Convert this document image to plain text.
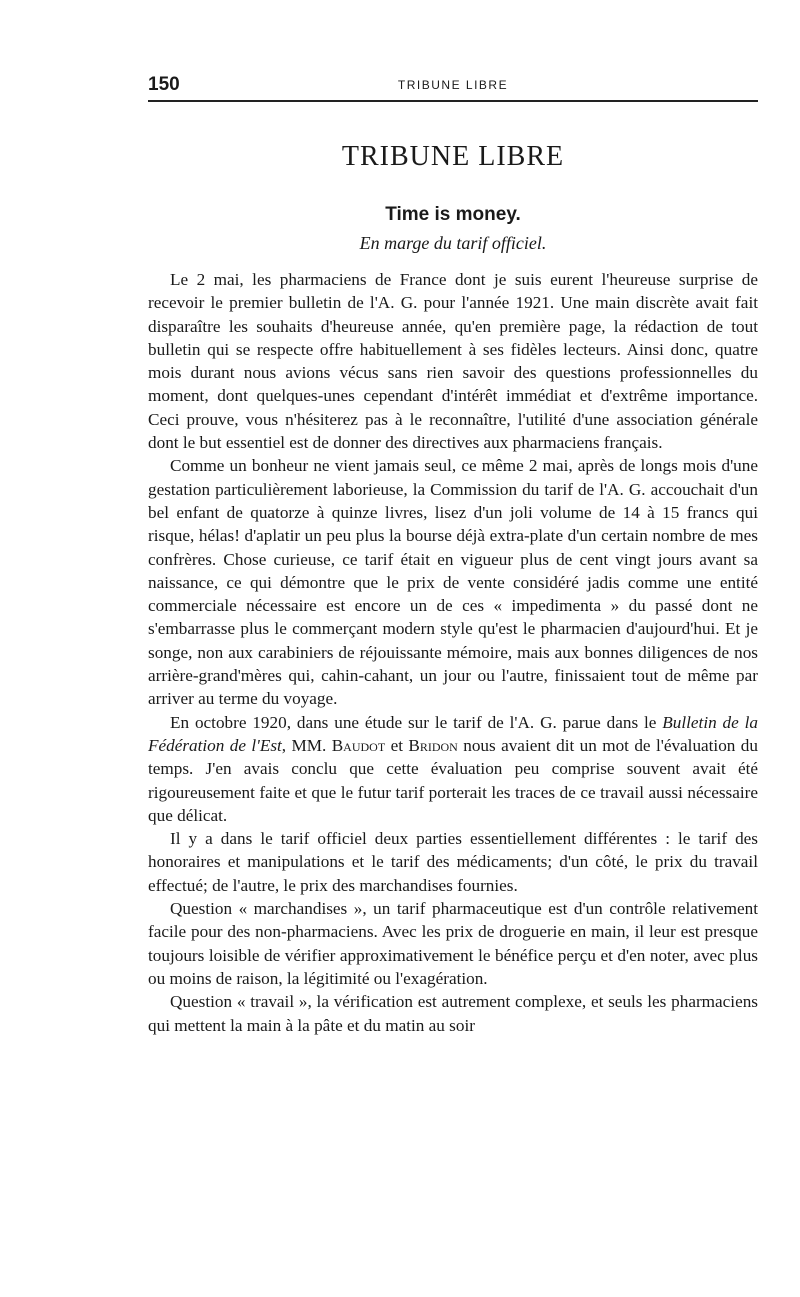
150	TRIBUNE LIBRE
TRIBUNE LIBRE
Time is money.
En marge du tarif officiel.

Le 2 mai, les pharmaciens de France dont je suis eurent l'heureuse surprise de recevoir le premier bulletin de l'A. G. pour l'année 1921. Une main discrète avait fait disparaître les souhaits d'heureuse année, qu'en première page, la rédaction de tout bulletin qui se respecte offre habituellement à ses fidèles lecteurs. Ainsi donc, quatre mois durant nous avions vécus sans rien savoir des questions professionnelles du moment, dont quelques-unes cependant d'intérêt immédiat et d'extrême importance. Ceci prouve, vous n'hésiterez pas à le reconnaître, l'utilité d'une association générale dont le but essentiel est de donner des directives aux pharmaciens français.

Comme un bonheur ne vient jamais seul, ce même 2 mai, après de longs mois d'une gestation particulièrement laborieuse, la Commission du tarif de l'A. G. accouchait d'un bel enfant de quatorze à quinze livres, lisez d'un joli volume de 14 à 15 francs qui risque, hélas! d'aplatir un peu plus la bourse déjà extra-plate d'un certain nombre de mes confrères. Chose curieuse, ce tarif était en vigueur plus de cent vingt jours avant sa naissance, ce qui démontre que le prix de vente considéré jadis comme une entité commerciale nécessaire est encore un de ces « impedimenta » du passé dont ne s'embarrasse plus le commerçant modern style qu'est le pharmacien d'aujourd'hui. Et je songe, non aux carabiniers de réjouissante mémoire, mais aux bonnes diligences de nos arrière-grand'mères qui, cahin-cahant, un jour ou l'autre, finissaient tout de même par arriver au terme du voyage.

En octobre 1920, dans une étude sur le tarif de l'A. G. parue dans le Bulletin de la Fédération de l'Est, MM. Baudot et Bridon nous avaient dit un mot de l'évaluation du temps. J'en avais conclu que cette évaluation peu comprise souvent avait été rigoureusement faite et que le futur tarif porterait les traces de ce travail aussi nécessaire que délicat.

Il y a dans le tarif officiel deux parties essentiellement différentes : le tarif des honoraires et manipulations et le tarif des médicaments; d'un côté, le prix du travail effectué; de l'autre, le prix des marchandises fournies.

Question « marchandises », un tarif pharmaceutique est d'un contrôle relativement facile pour des non-pharmaciens. Avec les prix de droguerie en main, il leur est presque toujours loisible de vérifier approximativement le bénéfice perçu et d'en noter, avec plus ou moins de raison, la légitimité ou l'exagération.

Question « travail », la vérification est autrement complexe, et seuls les pharmaciens qui mettent la main à la pâte et du matin au soir
